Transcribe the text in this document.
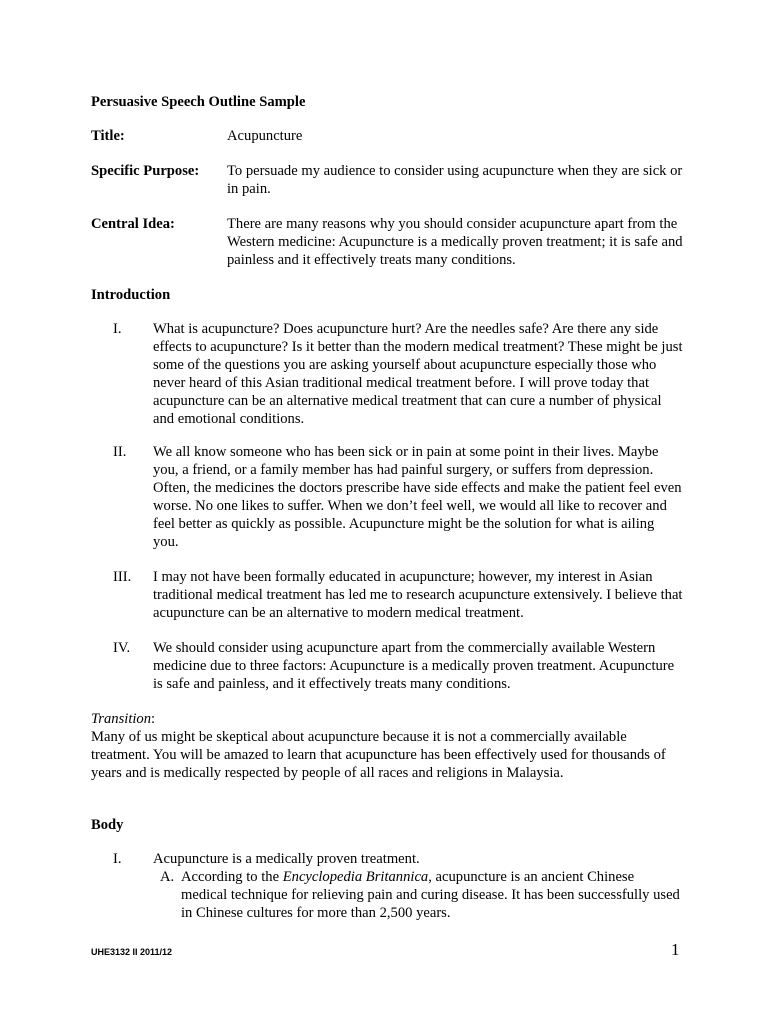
Persuasive Speech Outline Sample
Title:	Acupuncture
Specific Purpose: To persuade my audience to consider using acupuncture when they are sick or in pain.
Central Idea:	There are many reasons why you should consider acupuncture apart from the Western medicine: Acupuncture is a medically proven treatment; it is safe and painless and it effectively treats many conditions.
Introduction
I. What is acupuncture? Does acupuncture hurt? Are the needles safe? Are there any side effects to acupuncture? Is it better than the modern medical treatment? These might be just some of the questions you are asking yourself about acupuncture especially those who never heard of this Asian traditional medical treatment before. I will prove today that acupuncture can be an alternative medical treatment that can cure a number of physical and emotional conditions.
II. We all know someone who has been sick or in pain at some point in their lives. Maybe you, a friend, or a family member has had painful surgery, or suffers from depression. Often, the medicines the doctors prescribe have side effects and make the patient feel even worse. No one likes to suffer. When we don’t feel well, we would all like to recover and feel better as quickly as possible. Acupuncture might be the solution for what is ailing you.
III. I may not have been formally educated in acupuncture; however, my interest in Asian traditional medical treatment has led me to research acupuncture extensively. I believe that acupuncture can be an alternative to modern medical treatment.
IV. We should consider using acupuncture apart from the commercially available Western medicine due to three factors: Acupuncture is a medically proven treatment. Acupuncture is safe and painless, and it effectively treats many conditions.
Transition:
Many of us might be skeptical about acupuncture because it is not a commercially available treatment. You will be amazed to learn that acupuncture has been effectively used for thousands of years and is medically respected by people of all races and religions in Malaysia.
Body
I. Acupuncture is a medically proven treatment.
A. According to the Encyclopedia Britannica, acupuncture is an ancient Chinese medical technique for relieving pain and curing disease. It has been successfully used in Chinese cultures for more than 2,500 years.
UHE3132 II 2011/12	1
